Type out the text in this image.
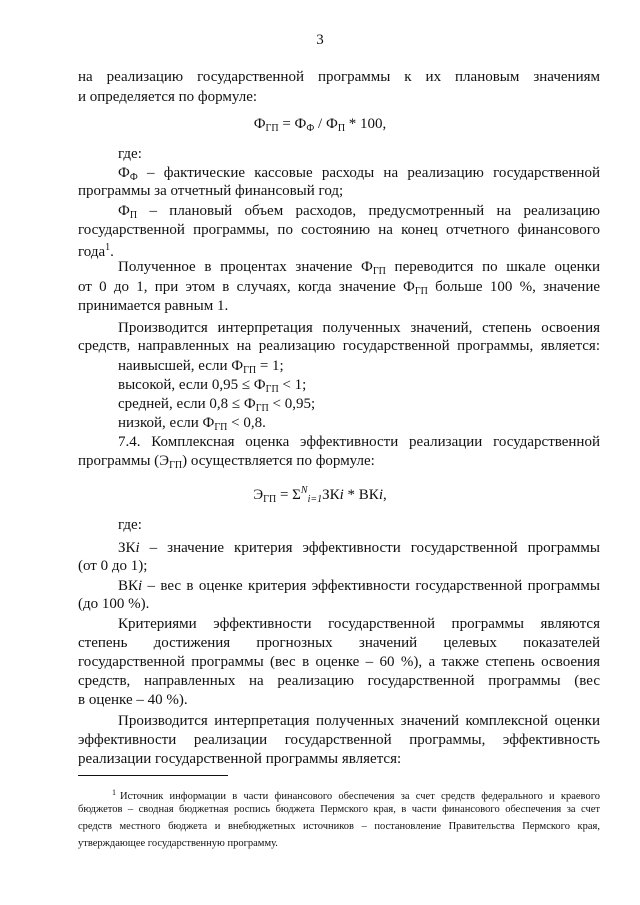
3
на реализацию государственной программы к их плановым значениям
и определяется по формуле:
$Ф_{ГП} = Ф_Ф / Ф_П * 100$,
где:
$Ф_Ф$ – фактические кассовые расходы на реализацию государственной
программы за отчетный финансовый год;
$Ф_П$ – плановый объем расходов, предусмотренный на реализацию
государственной программы, по состоянию на конец отчетного финансового
года$^1$.
Полученное в процентах значение $Ф_{ГП}$ переводится по шкале оценки
от 0 до 1, при этом в случаях, когда значение $Ф_{ГП}$ больше 100 %, значение
принимается равным 1.
Производится интерпретация полученных значений, степень освоения
средств, направленных на реализацию государственной программы, является:
наивысшей, если $Ф_{ГП} = 1$;
высокой, если $0,95 \le Ф_{ГП} < 1$;
средней, если $0,8 \le Ф_{ГП} < 0,95$;
низкой, если $Ф_{ГП} < 0,8$.
7.4. Комплексная оценка эффективности реализации государственной
программы $(Э_{ГП})$ осуществляется по формуле:
$Э_{ГП} = \Sigma^N_{i=1}ЗКi$ * ВКi,
где:
ЗКi – значение критерия эффективности государственной программы
(от 0 до 1);
ВКi – вес в оценке критерия эффективности государственной программы
(до 100 %).
Критериями эффективности государственной программы являются
степень достижения прогнозных значений целевых показателей
государственной программы (вес в оценке – 60 %), а также степень освоения
средств, направленных на реализацию государственной программы (вес
в оценке – 40 %).
Производится интерпретация полученных значений комплексной оценки
эффективности реализации государственной программы, эффективность
реализации государственной программы является:
$^1$ Источник информации в части финансового обеспечения за счет средств федерального и краевого
бюджетов – сводная бюджетная роспись бюджета Пермского края, в части финансового обеспечения за счет
средств местного бюджета и внебюджетных источников – постановление Правительства Пермского края,
утверждающее государственную программу.
